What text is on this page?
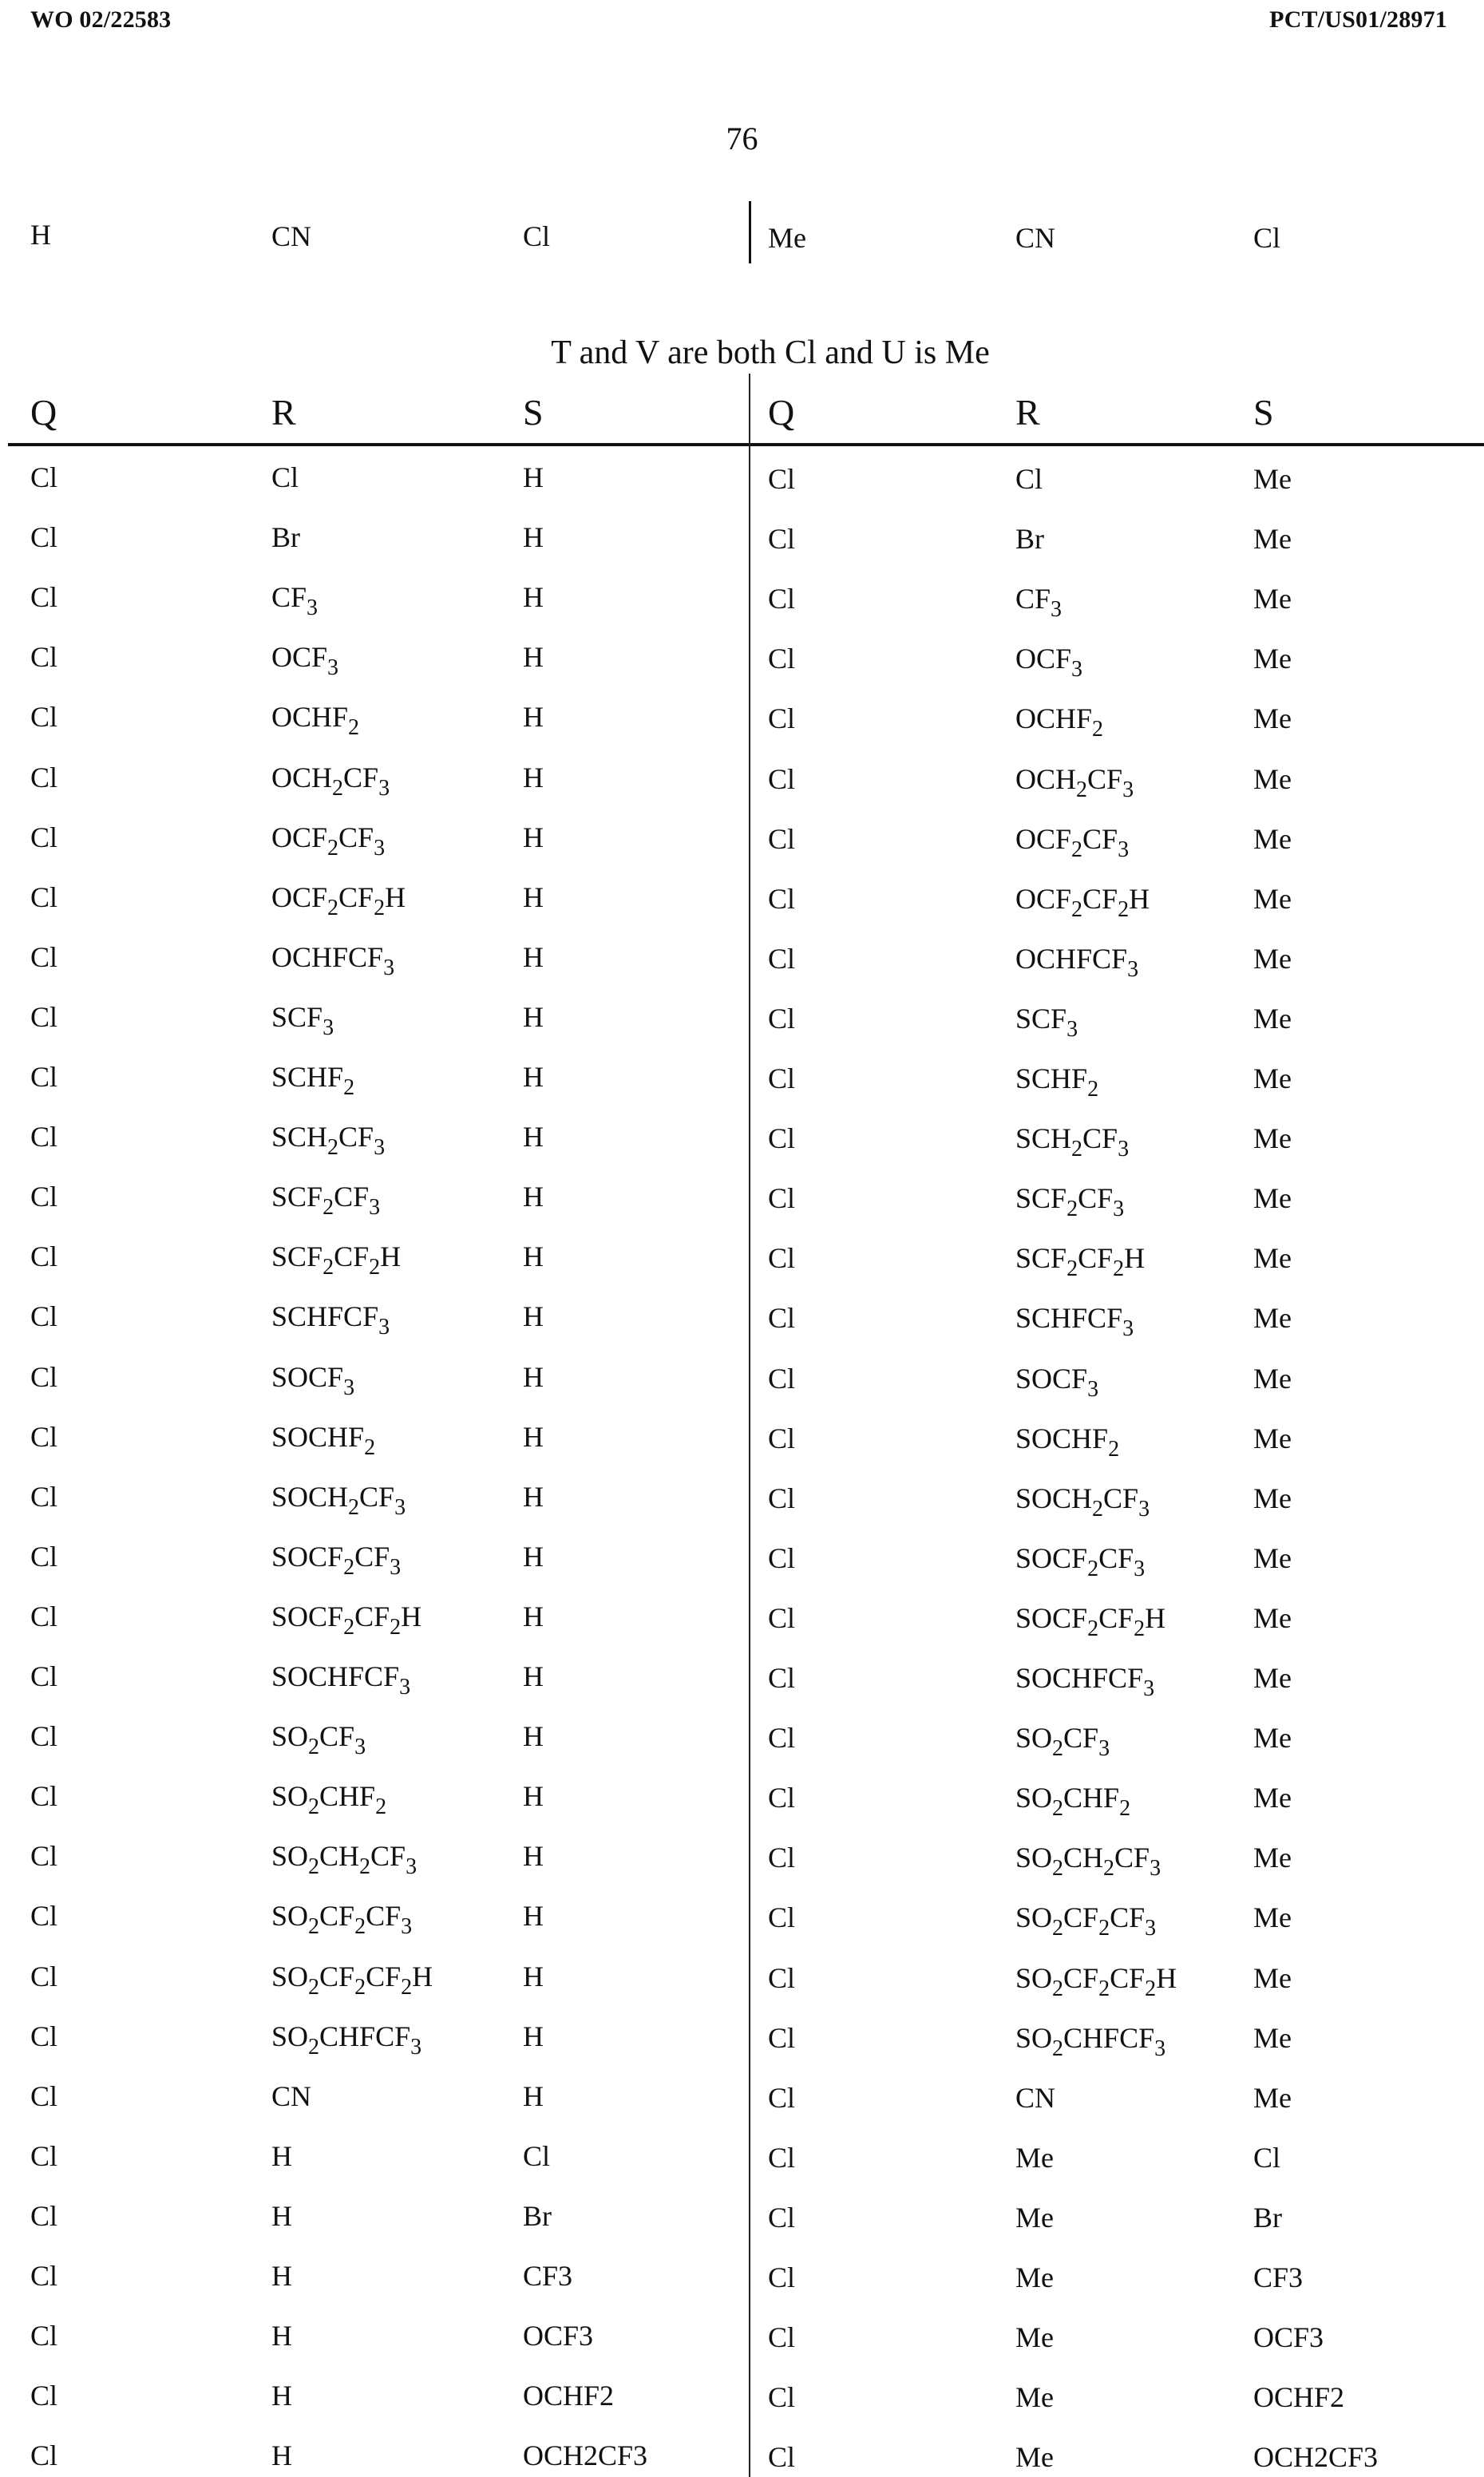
WO 02/22583	PCT/US01/28971
76
H	CN	Cl	Me	CN	Cl
T and V are both Cl and U is Me
Q	R	S	Q	R	S
Cl	Cl	H	Cl	Cl	Me
Cl	Br	H	Cl	Br	Me
Cl	$CF_3$	H	Cl	$CF_3$	Me
Cl	$OCF_3$	H	Cl	$OCF_3$	Me
Cl	$OCHF_2$	H	Cl	$OCHF_2$	Me
Cl	$OCH_2CF_3$	H	Cl	$OCH_2CF_3$	Me
Cl	$OCF_2CF_3$	H	Cl	$OCF_2CF_3$	Me
Cl	$OCF_2CF_2H$	H	Cl	$OCF_2CF_2H$	Me
Cl	$OCHFCF_3$	H	Cl	$OCHFCF_3$	Me
Cl	$SCF_3$	H	Cl	$SCF_3$	Me
Cl	$SCHF_2$	H	Cl	$SCHF_2$	Me
Cl	$SCH_2CF_3$	H	Cl	$SCH_2CF_3$	Me
Cl	$SCF_2CF_3$	H	Cl	$SCF_2CF_3$	Me
Cl	$SCF_2CF_2H$	H	Cl	$SCF_2CF_2H$	Me
Cl	$SCHFCF_3$	H	Cl	$SCHFCF_3$	Me
Cl	$SOCF_3$	H	Cl	$SOCF_3$	Me
Cl	$SOCHF_2$	H	Cl	$SOCHF_2$	Me
Cl	$SOCH_2CF_3$	H	Cl	$SOCH_2CF_3$	Me
Cl	$SOCF_2CF_3$	H	Cl	$SOCF_2CF_3$	Me
Cl	$SOCF_2CF_2H$	H	Cl	$SOCF_2CF_2H$	Me
Cl	$SOCHFCF_3$	H	Cl	$SOCHFCF_3$	Me
Cl	$SO_2CF_3$	H	Cl	$SO_2CF_3$	Me
Cl	$SO_2CHF_2$	H	Cl	$SO_2CHF_2$	Me
Cl	$SO_2CH_2CF_3$	H	Cl	$SO_2CH_2CF_3$	Me
Cl	$SO_2CF_2CF_3$	H	Cl	$SO_2CF_2CF_3$	Me
Cl	$SO_2CF_2CF_2H$	H	Cl	$SO_2CF_2CF_2H$	Me
Cl	$SO_2CHFCF_3$	H	Cl	$SO_2CHFCF_3$	Me
Cl	CN	H	Cl	CN	Me
Cl	H	Cl	Cl	Me	Cl
Cl	H	Br	Cl	Me	Br
Cl	H	CF3	Cl	Me	CF3
Cl	H	OCF3	Cl	Me	OCF3
Cl	H	OCHF2	Cl	Me	OCHF2
Cl	H	OCH2CF3	Cl	Me	OCH2CF3
